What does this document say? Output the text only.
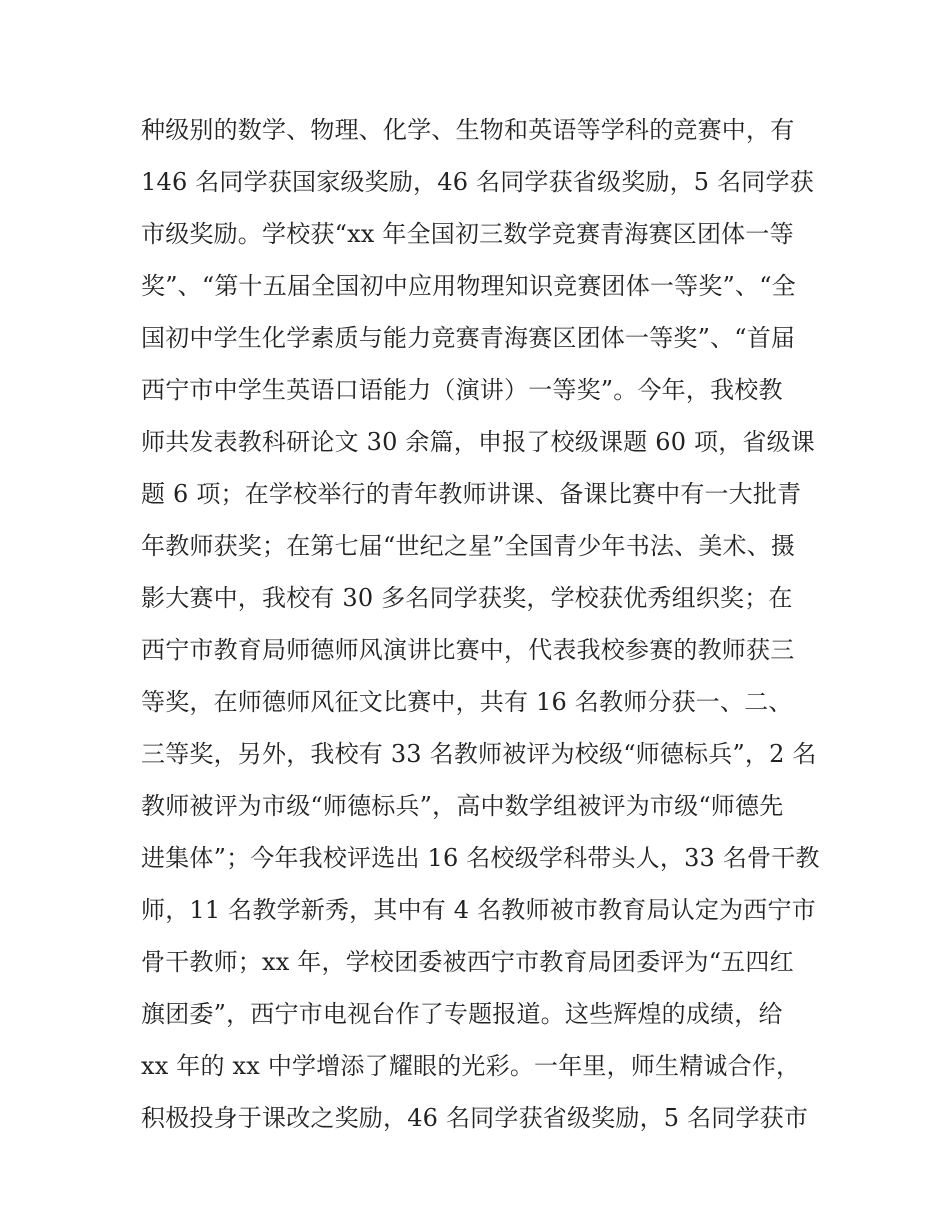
种级别的数学、物理、化学、生物和英语等学科的竞赛中，有
146 名同学获国家级奖励，46 名同学获省级奖励，5 名同学获
市级奖励。学校获“xx 年全国初三数学竞赛青海赛区团体一等
奖”、“第十五届全国初中应用物理知识竞赛团体一等奖”、“全
国初中学生化学素质与能力竞赛青海赛区团体一等奖”、“首届
西宁市中学生英语口语能力（演讲）一等奖”。今年，我校教
师共发表教科研论文 30 余篇，申报了校级课题 60 项，省级课
题 6 项；在学校举行的青年教师讲课、备课比赛中有一大批青
年教师获奖；在第七届“世纪之星”全国青少年书法、美术、摄
影大赛中，我校有 30 多名同学获奖，学校获优秀组织奖；在
西宁市教育局师德师风演讲比赛中，代表我校参赛的教师获三
等奖，在师德师风征文比赛中，共有 16 名教师分获一、二、
三等奖，另外，我校有 33 名教师被评为校级“师德标兵”，2 名
教师被评为市级“师德标兵”，高中数学组被评为市级“师德先
进集体”；今年我校评选出 16 名校级学科带头人，33 名骨干教
师，11 名教学新秀，其中有 4 名教师被市教育局认定为西宁市
骨干教师；xx 年，学校团委被西宁市教育局团委评为“五四红
旗团委”，西宁市电视台作了专题报道。这些辉煌的成绩，给
xx 年的 xx 中学增添了耀眼的光彩。一年里，师生精诚合作，
积极投身于课改之奖励，46 名同学获省级奖励，5 名同学获市
